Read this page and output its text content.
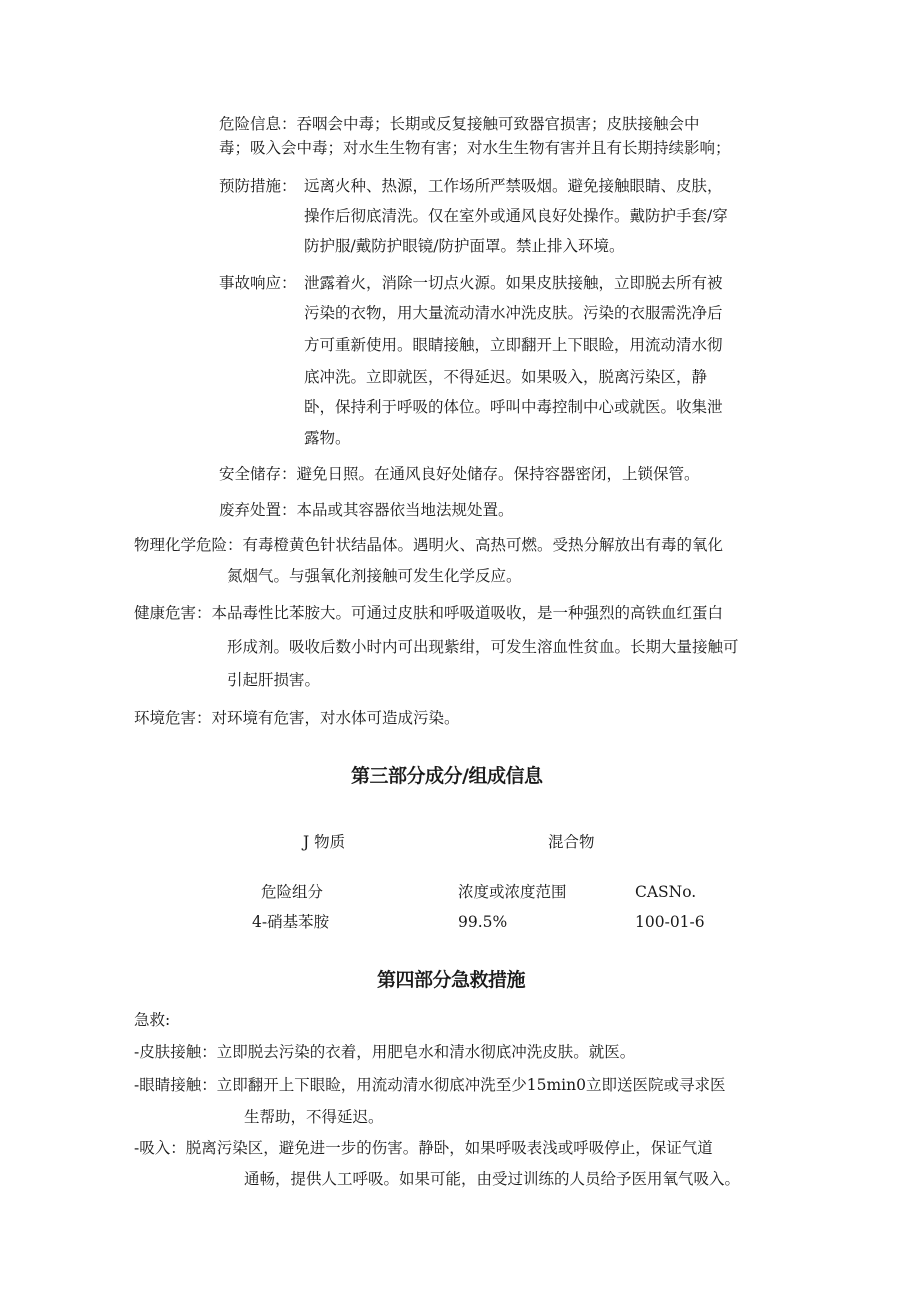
危险信息：吞咽会中毒；长期或反复接触可致器官损害；皮肤接触会中

毒；吸入会中毒；对水生生物有害；对水生生物有害并且有长期持续影响；

预防措施： 远离火种、热源，工作场所严禁吸烟。避免接触眼睛、皮肤，

操作后彻底清洗。仅在室外或通风良好处操作。戴防护手套/穿

防护服/戴防护眼镜/防护面罩。禁止排入环境。

事故响应： 泄露着火，消除一切点火源。如果皮肤接触，立即脱去所有被

污染的衣物，用大量流动清水冲洗皮肤。污染的衣服需洗净后

方可重新使用。眼睛接触，立即翻开上下眼睑，用流动清水彻

底冲洗。立即就医，不得延迟。如果吸入，脱离污染区，静

卧，保持利于呼吸的体位。呼叫中毒控制中心或就医。收集泄

露物。

安全储存：避免日照。在通风良好处储存。保持容器密闭，上锁保管。

废弃处置：本品或其容器依当地法规处置。

物理化学危险：有毒橙黄色针状结晶体。遇明火、高热可燃。受热分解放出有毒的氧化

氮烟气。与强氧化剂接触可发生化学反应。

健康危害：本品毒性比苯胺大。可通过皮肤和呼吸道吸收，是一种强烈的高铁血红蛋白

形成剂。吸收后数小时内可出现紫绀，可发生溶血性贫血。长期大量接触可

引起肝损害。

环境危害：对环境有危害，对水体可造成污染。

第三部分成分/组成信息
J 物质	混合物
危险组分	浓度或浓度范围	CASNo.
4-硝基苯胺	99.5%	100-01-6
第四部分急救措施

急救:

-皮肤接触：立即脱去污染的衣着，用肥皂水和清水彻底冲洗皮肤。就医。

-眼睛接触：立即翻开上下眼睑，用流动清水彻底冲洗至少15min0立即送医院或寻求医

生帮助，不得延迟。

-吸入：脱离污染区，避免进一步的伤害。静卧，如果呼吸表浅或呼吸停止，保证气道

通畅，提供人工呼吸。如果可能，由受过训练的人员给予医用氧气吸入。
